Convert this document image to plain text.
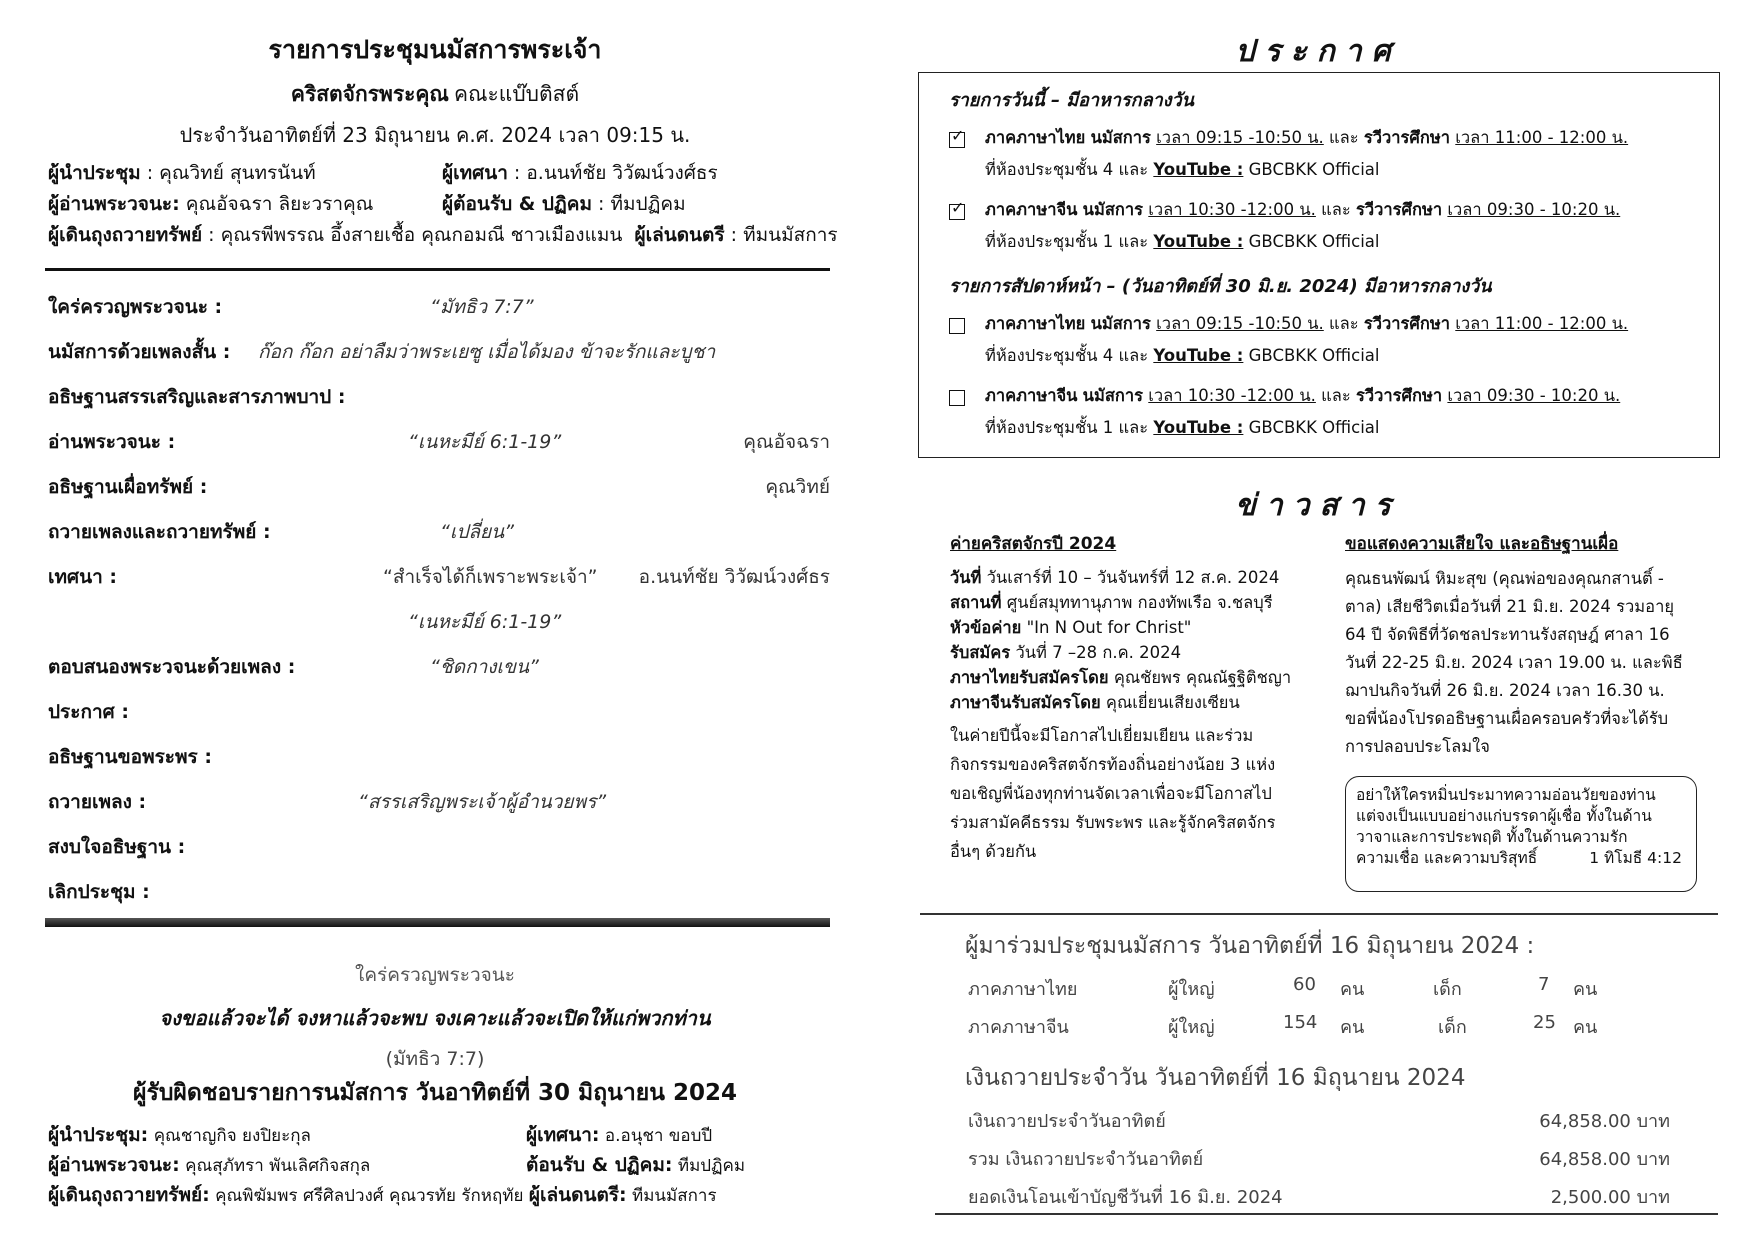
รายการประชุมนมัสการพระเจ้า
คริสตจักรพระคุณ คณะแบ๊บติสต์
ประจำวันอาทิตย์ที่ 23 มิถุนายน ค.ศ. 2024 เวลา 09:15 น.
ผู้นำประชุม : คุณวิทย์ สุนทรนันท์	ผู้เทศนา : อ.นนท์ชัย วิวัฒน์วงศ์ธร
ผู้อ่านพระวจนะ: คุณอัจฉรา ลิยะวราคุณ	ผู้ต้อนรับ & ปฏิคม : ทีมปฏิคม
ผู้เดินถุงถวายทรัพย์ : คุณรพีพรรณ อึ้งสายเชื้อ คุณกอมณี ชาวเมืองแมน ผู้เล่นดนตรี : ทีมนมัสการ
ใคร่ครวญพระวจนะ :	“มัทธิว 7:7”
นมัสการด้วยเพลงสั้น : ก๊อก ก๊อก อย่าลืมว่าพระเยซู เมื่อได้มอง ข้าจะรักและบูชา
อธิษฐานสรรเสริญและสารภาพบาป :
อ่านพระวจนะ :	“เนหะมีย์ 6:1-19”	คุณอัจฉรา
อธิษฐานเผื่อทรัพย์ :	คุณวิทย์
ถวายเพลงและถวายทรัพย์ :	“เปลี่ยน”
เทศนา :	“สำเร็จได้ก็เพราะพระเจ้า” อ.นนท์ชัย วิวัฒน์วงศ์ธร
“เนหะมีย์ 6:1-19”
ตอบสนองพระวจนะด้วยเพลง :	“ชิดกางเขน”
ประกาศ :
อธิษฐานขอพระพร :
ถวายเพลง :	“สรรเสริญพระเจ้าผู้อำนวยพร”
สงบใจอธิษฐาน :
เลิกประชุม :
ใคร่ครวญพระวจนะ
จงขอแล้วจะได้ จงหาแล้วจะพบ จงเคาะแล้วจะเปิดให้แก่พวกท่าน
(มัทธิว 7:7)
ผู้รับผิดชอบรายการนมัสการ วันอาทิตย์ที่ 30 มิถุนายน 2024
ผู้นำประชุม: คุณชาญกิจ ยงปิยะกุล	ผู้เทศนา: อ.อนุชา ขอบปี
ผู้อ่านพระวจนะ: คุณสุภัทรา พันเลิศกิจสกุล	ต้อนรับ & ปฏิคม: ทีมปฏิคม
ผู้เดินถุงถวายทรัพย์: คุณพิฆัมพร ศรีศิลปวงศ์ คุณวรทัย รักหฤทัย ผู้เล่นดนตรี: ทีมนมัสการ
ประกาศ
รายการวันนี้ – มีอาหารกลางวัน
✓
ภาคภาษาไทย นมัสการ เวลา 09:15 -10:50 น. และ รวีวารศึกษา เวลา 11:00 - 12:00 น.
ที่ห้องประชุมชั้น 4 และ YouTube : GBCBKK Official
✓
ภาคภาษาจีน นมัสการ เวลา 10:30 -12:00 น. และ รวีวารศึกษา เวลา 09:30 - 10:20 น.
ที่ห้องประชุมชั้น 1 และ YouTube : GBCBKK Official
รายการสัปดาห์หน้า – (วันอาทิตย์ที่ 30 มิ.ย. 2024) มีอาหารกลางวัน
ภาคภาษาไทย นมัสการ เวลา 09:15 -10:50 น. และ รวีวารศึกษา เวลา 11:00 - 12:00 น.
ที่ห้องประชุมชั้น 4 และ YouTube : GBCBKK Official
ภาคภาษาจีน นมัสการ เวลา 10:30 -12:00 น. และ รวีวารศึกษา เวลา 09:30 - 10:20 น.
ที่ห้องประชุมชั้น 1 และ YouTube : GBCBKK Official
ข่าวสาร
ค่ายคริสตจักรปี 2024
วันที่ วันเสาร์ที่ 10 – วันจันทร์ที่ 12 ส.ค. 2024
สถานที่ ศูนย์สมุททานุภาพ กองทัพเรือ จ.ชลบุรี
หัวข้อค่าย "In N Out for Christ"
รับสมัคร วันที่ 7 –28 ก.ค. 2024
ภาษาไทยรับสมัครโดย คุณชัยพร คุณณัฐฐิติชญา
ภาษาจีนรับสมัครโดย คุณเยี่ยนเสียงเซียน
ในค่ายปีนี้จะมีโอกาสไปเยี่ยมเยียน และร่วม
กิจกรรมของคริสตจักรท้องถิ่นอย่างน้อย 3 แห่ง
ขอเชิญพี่น้องทุกท่านจัดเวลาเพื่อจะมีโอกาสไป
ร่วมสามัคคีธรรม รับพระพร และรู้จักคริสตจักร
อื่นๆ ด้วยกัน
ขอแสดงความเสียใจ และอธิษฐานเผื่อ
คุณธนพัฒน์ หิมะสุข (คุณพ่อของคุณกสานติ์ -
ตาล) เสียชีวิตเมื่อวันที่ 21 มิ.ย. 2024 รวมอายุ
64 ปี จัดพิธีที่วัดชลประทานรังสฤษฎ์ ศาลา 16
วันที่ 22-25 มิ.ย. 2024 เวลา 19.00 น. และพิธี
ฌาปนกิจวันที่ 26 มิ.ย. 2024 เวลา 16.30 น.
ขอพี่น้องโปรดอธิษฐานเผื่อครอบครัวที่จะได้รับ
การปลอบประโลมใจ
อย่าให้ใครหมิ่นประมาทความอ่อนวัยของท่าน
แต่จงเป็นแบบอย่างแก่บรรดาผู้เชื่อ ทั้งในด้าน
วาจาและการประพฤติ ทั้งในด้านความรัก
ความเชื่อ และความบริสุทธิ์	1 ทิโมธี 4:12
ผู้มาร่วมประชุมนมัสการ วันอาทิตย์ที่ 16 มิถุนายน 2024 :
ภาคภาษาไทย	ผู้ใหญ่	60 คน	เด็ก	7 คน
ภาคภาษาจีน	ผู้ใหญ่	154 คน	เด็ก	25 คน
เงินถวายประจำวัน วันอาทิตย์ที่ 16 มิถุนายน 2024
เงินถวายประจำวันอาทิตย์	64,858.00 บาท
รวม เงินถวายประจำวันอาทิตย์	64,858.00 บาท
ยอดเงินโอนเข้าบัญชีวันที่ 16 มิ.ย. 2024	2,500.00 บาท
